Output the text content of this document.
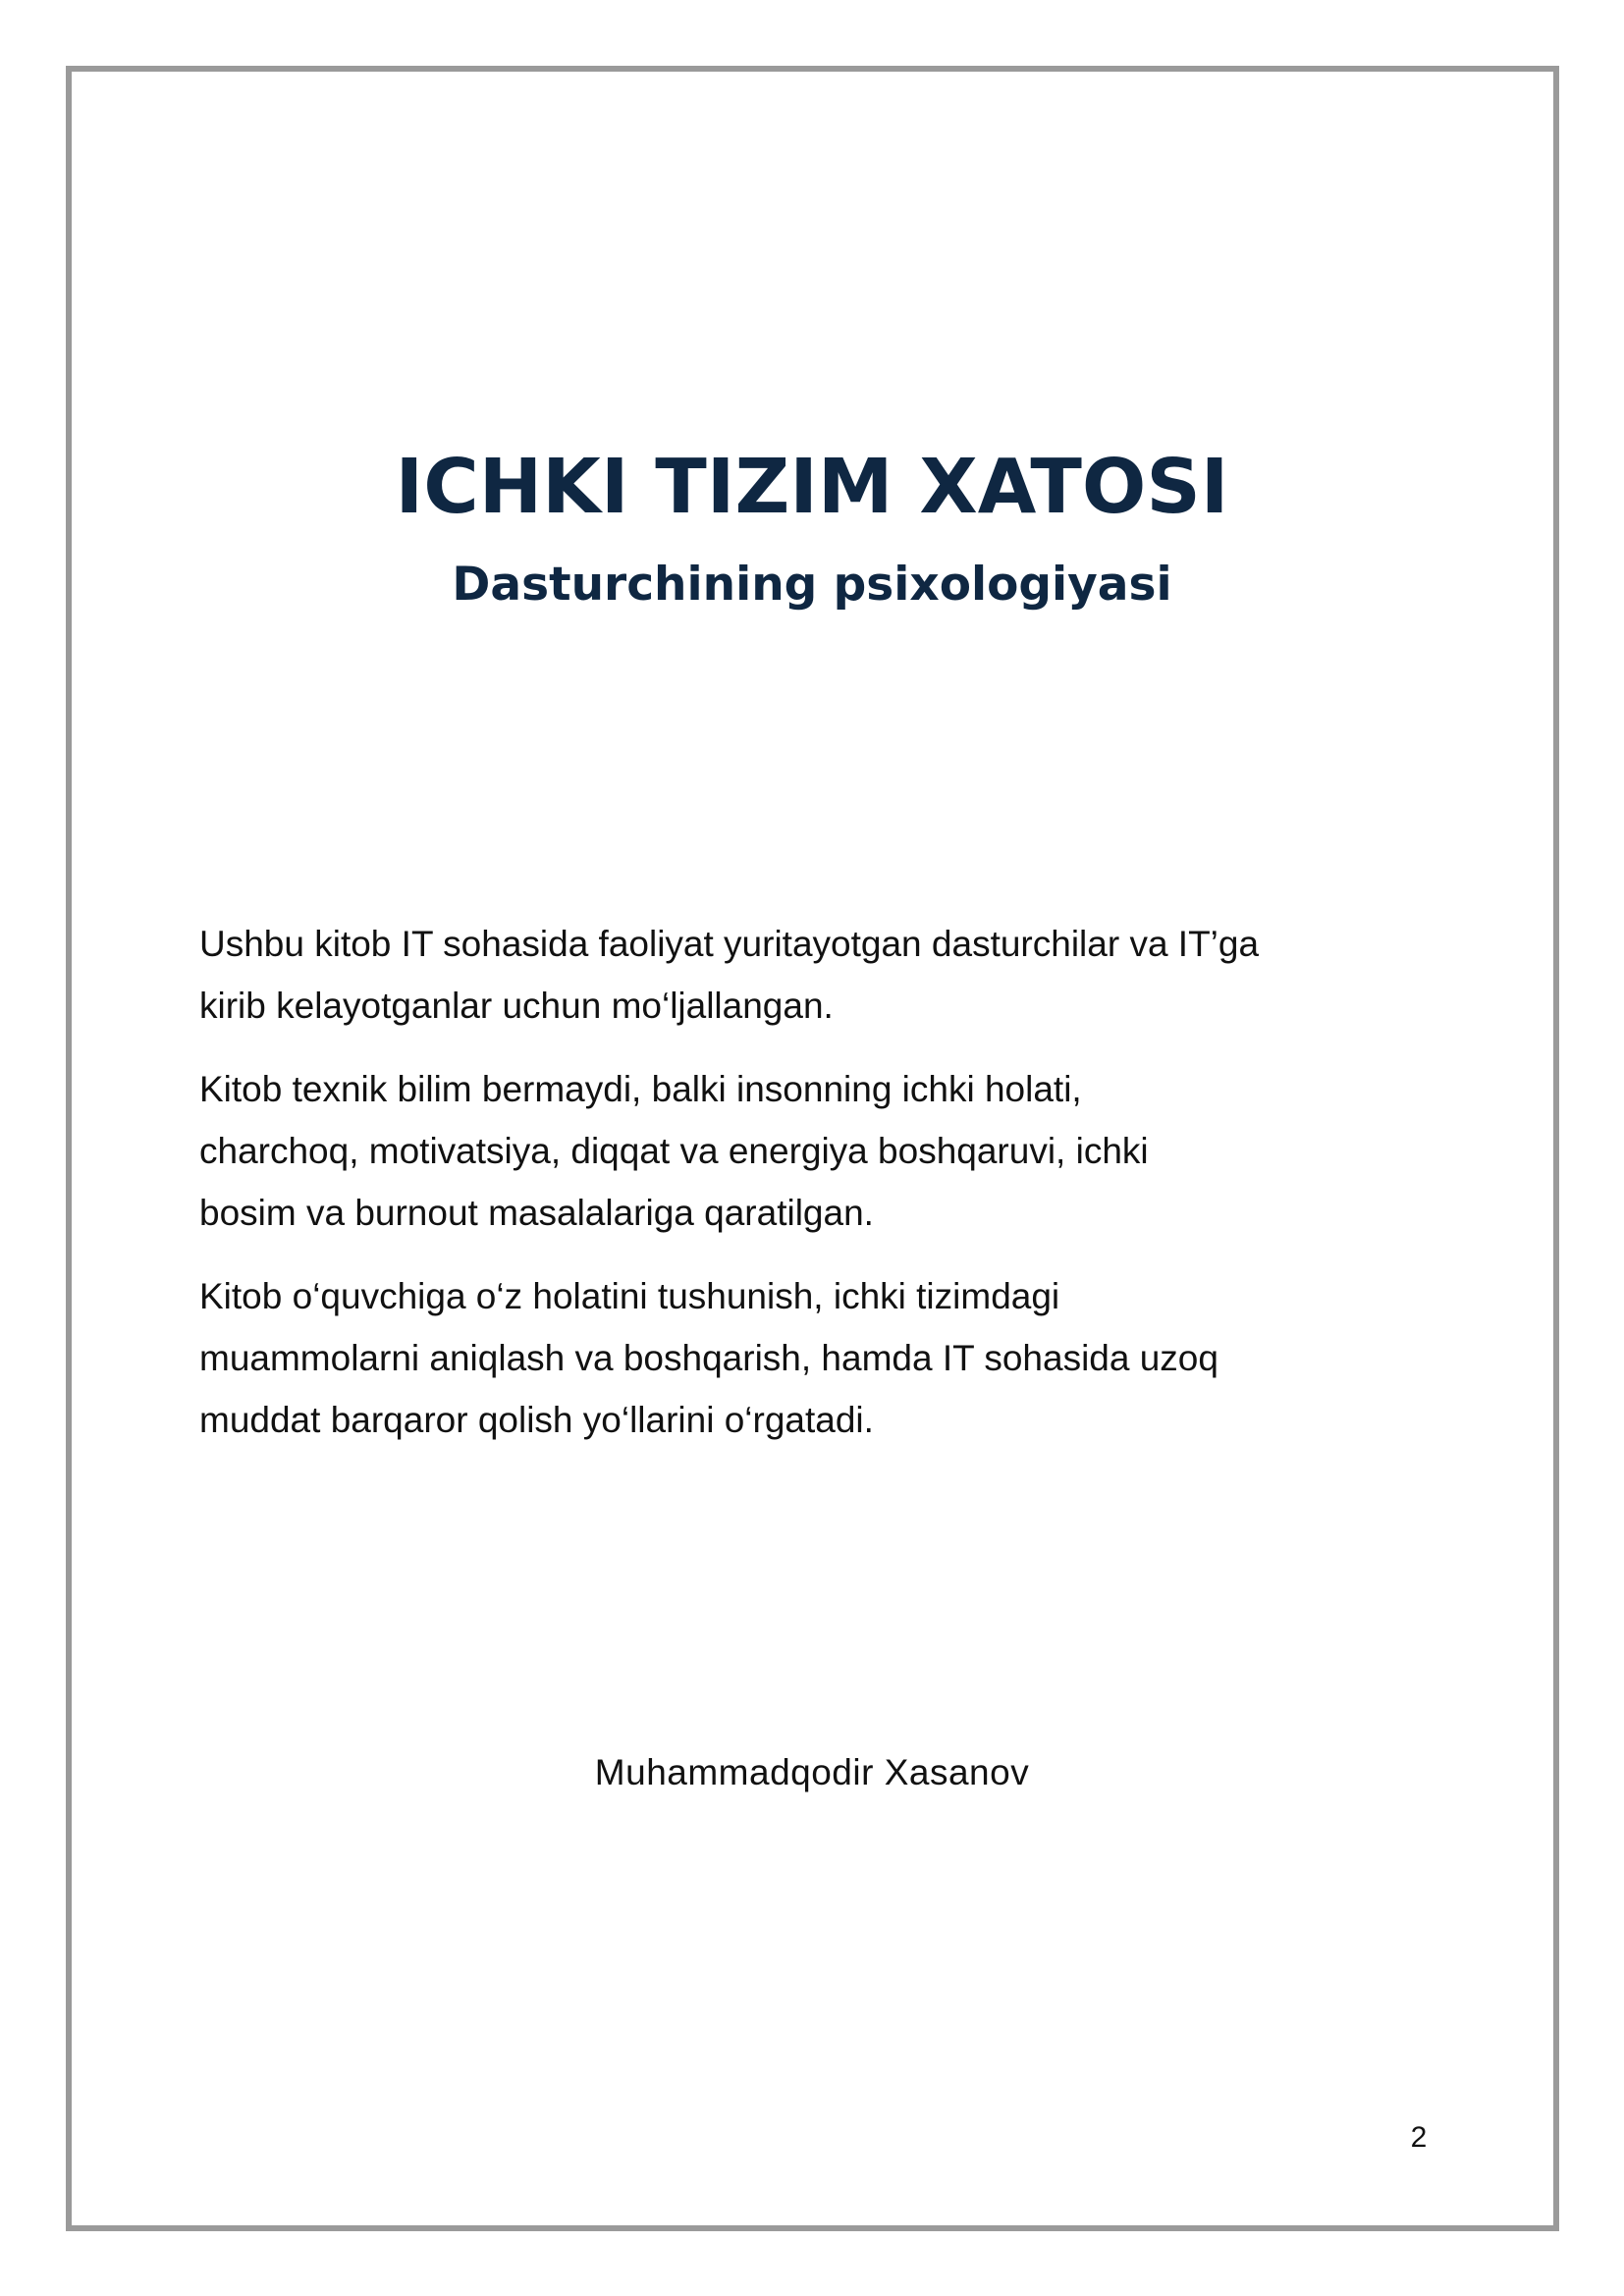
ICHKI TIZIM XATOSI
Dasturchining psixologiyasi

Ushbu kitob IT sohasida faoliyat yuritayotgan dasturchilar va IT’ga
kirib kelayotganlar uchun mo‘ljallangan.

Kitob texnik bilim bermaydi, balki insonning ichki holati,
charchoq, motivatsiya, diqqat va energiya boshqaruvi, ichki
bosim va burnout masalalariga qaratilgan.

Kitob o‘quvchiga o‘z holatini tushunish, ichki tizimdagi
muammolarni aniqlash va boshqarish, hamda IT sohasida uzoq
muddat barqaror qolish yo‘llarini o‘rgatadi.

Muhammadqodir Xasanov
2
